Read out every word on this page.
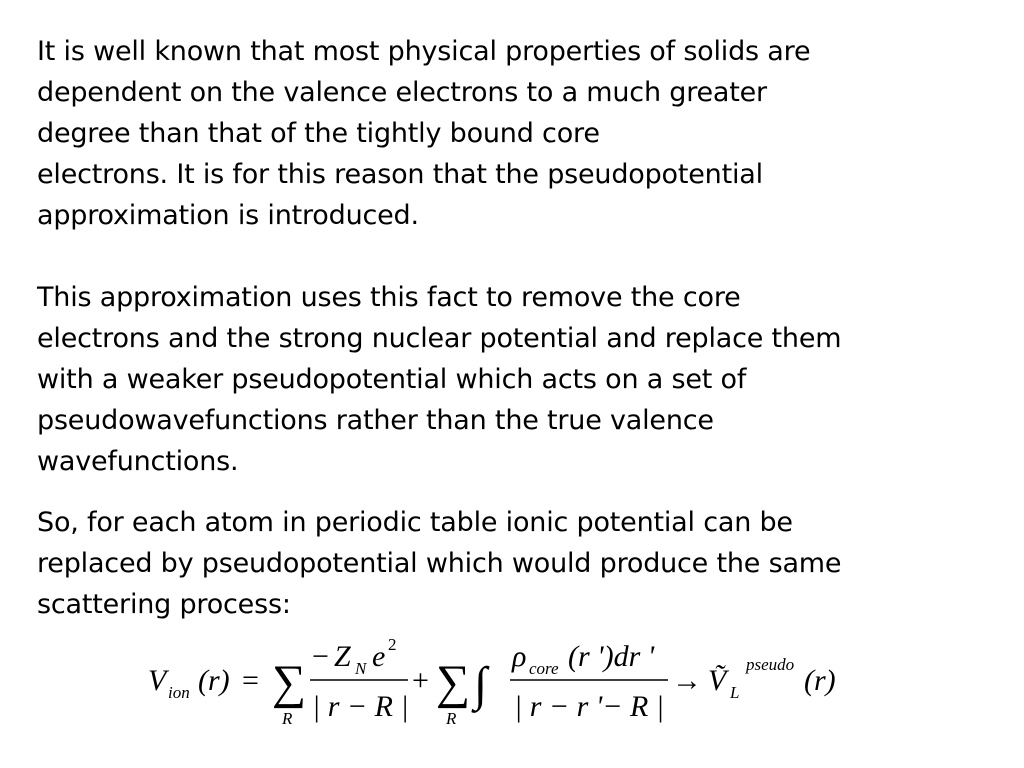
It is well known that most physical properties of solids are
dependent on the valence electrons to a much greater
degree than that of the tightly bound core
electrons. It is for this reason that the pseudopotential
approximation is introduced.

This approximation uses this fact to remove the core
electrons and the strong nuclear potential and replace them
with a weaker pseudopotential which acts on a set of
pseudowavefunctions rather than the true valence
wavefunctions.

So, for each atom in periodic table ionic potential can be
replaced by pseudopotential which would produce the same
scattering process:

V ion (r) = ∑
R
− Z N e 2
| r − R |
+ ∑
R
∫
ρ core (r ')dr '
| r − r '− R |
→ Ṽ L
pseudo (r)
